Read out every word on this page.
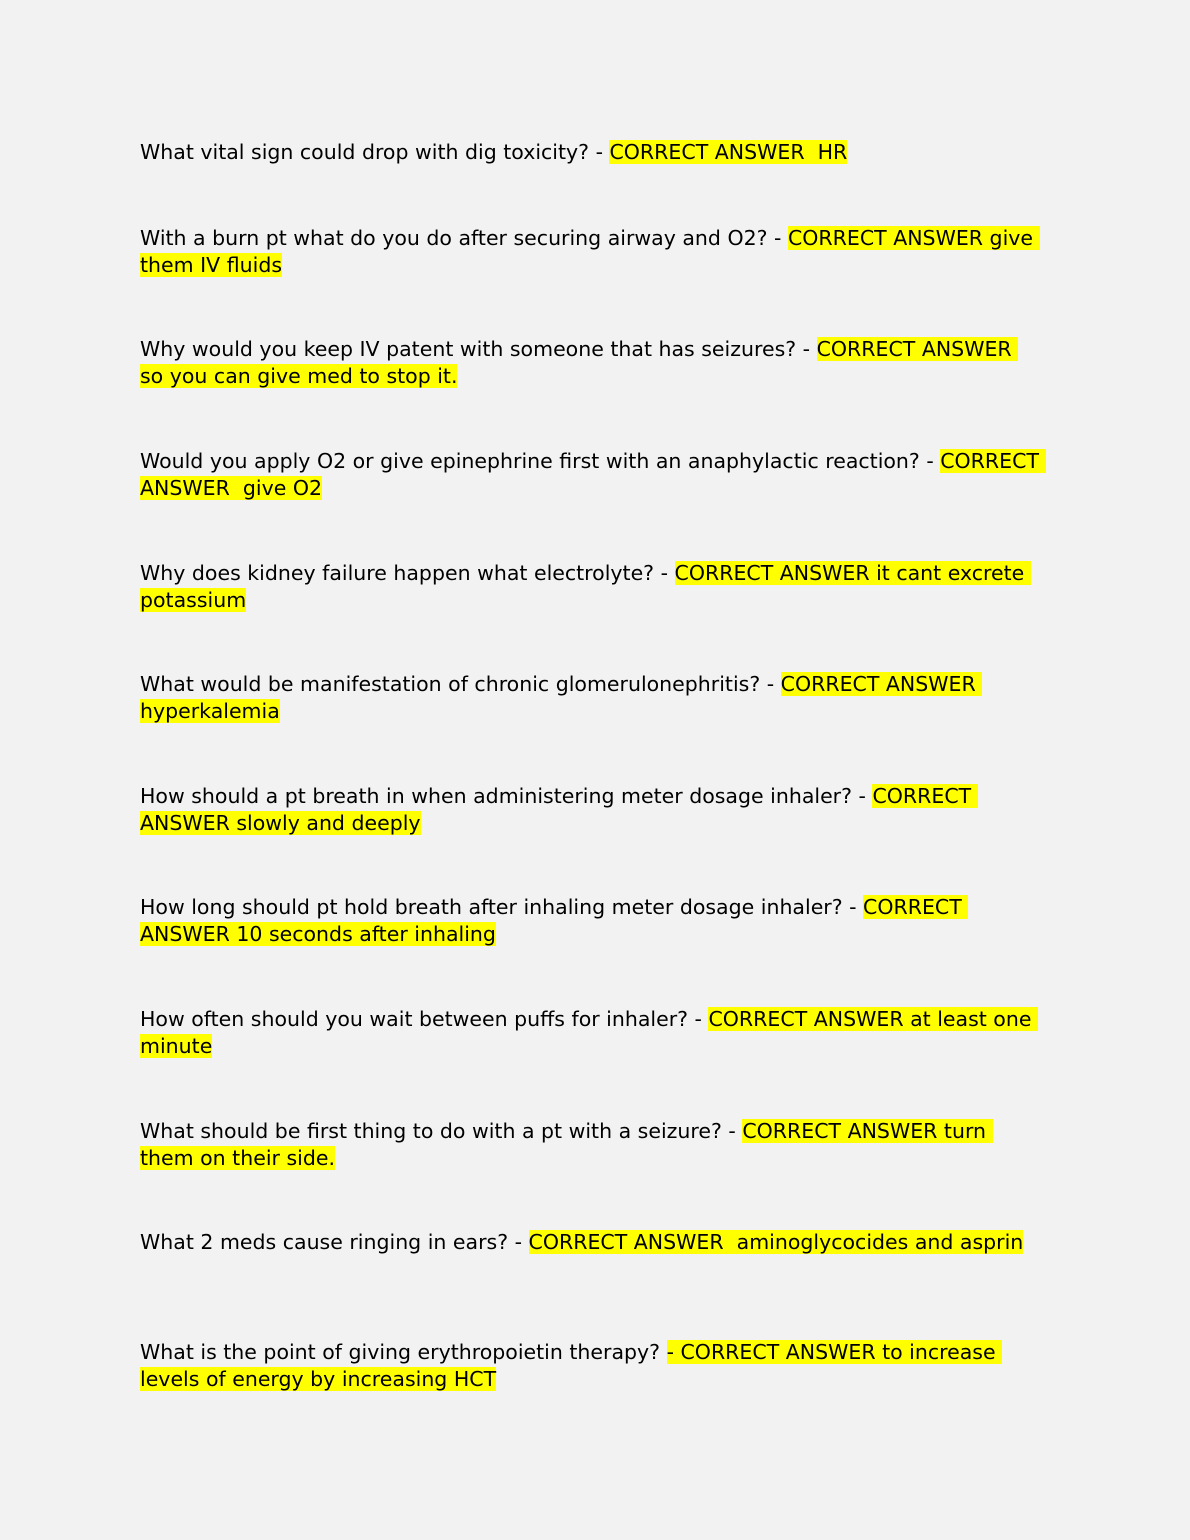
What vital sign could drop with dig toxicity? - CORRECT ANSWER  HR

With a burn pt what do you do after securing airway and O2? - CORRECT ANSWER give them IV fluids

Why would you keep IV patent with someone that has seizures? - CORRECT ANSWER so you can give med to stop it.

Would you apply O2 or give epinephrine first with an anaphylactic reaction? - CORRECT ANSWER  give O2

Why does kidney failure happen what electrolyte? - CORRECT ANSWER it cant excrete potassium

What would be manifestation of chronic glomerulonephritis? - CORRECT ANSWER hyperkalemia

How should a pt breath in when administering meter dosage inhaler? - CORRECT ANSWER slowly and deeply

How long should pt hold breath after inhaling meter dosage inhaler? - CORRECT ANSWER 10 seconds after inhaling

How often should you wait between puffs for inhaler? - CORRECT ANSWER at least one minute

What should be first thing to do with a pt with a seizure? - CORRECT ANSWER turn them on their side.

What 2 meds cause ringing in ears? - CORRECT ANSWER  aminoglycocides and asprin

What is the point of giving erythropoietin therapy? - CORRECT ANSWER to increase levels of energy by increasing HCT
